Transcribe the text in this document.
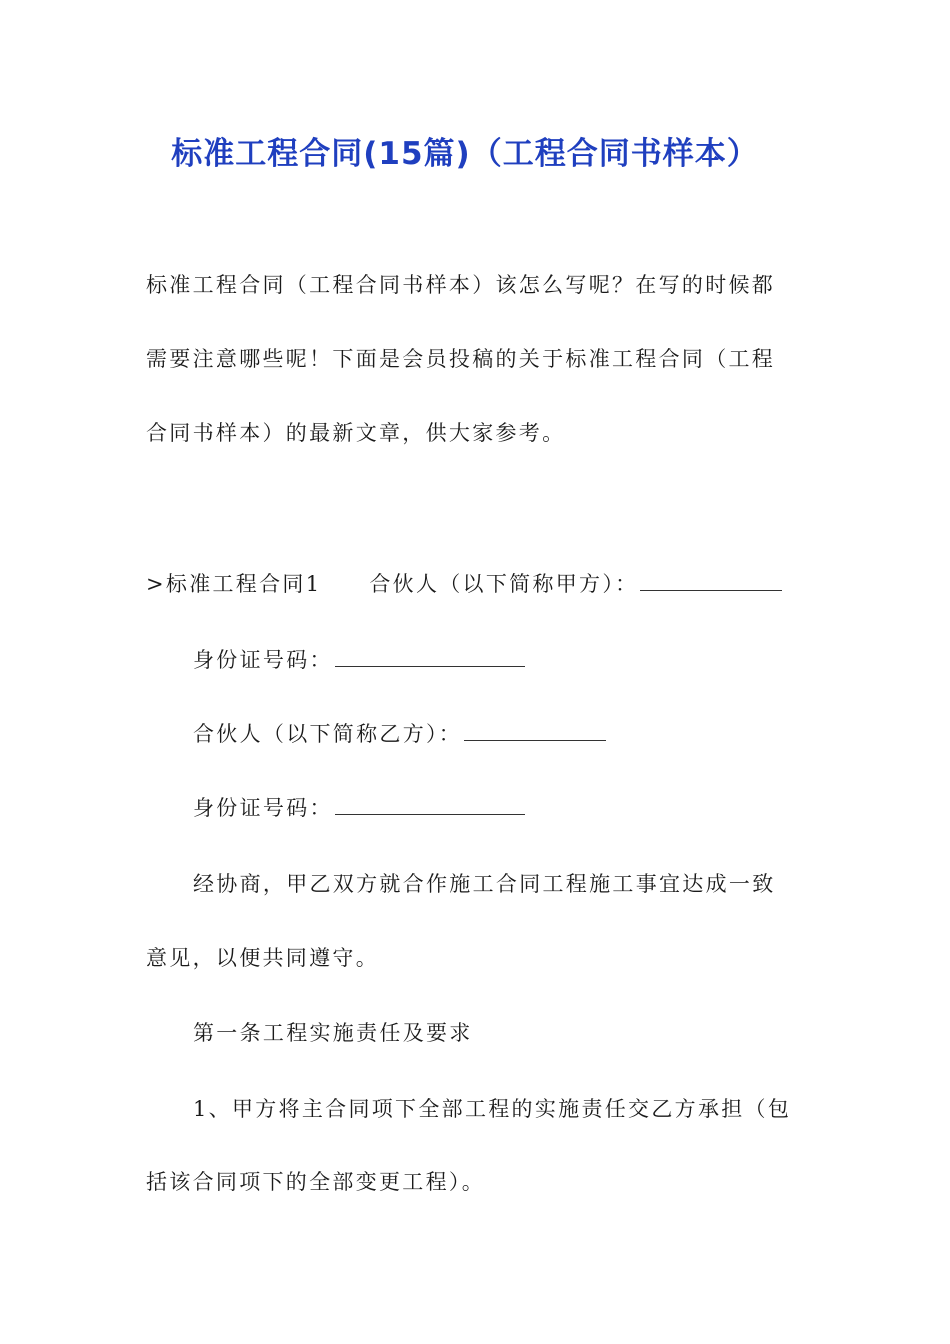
标准工程合同(15篇)（工程合同书样本）
标准工程合同（工程合同书样本）该怎么写呢？在写的时候都
需要注意哪些呢！下面是会员投稿的关于标准工程合同（工程
合同书样本）的最新文章，供大家参考。
>标准工程合同1 合伙人（以下简称甲方）：
身份证号码：
合伙人（以下简称乙方）：
身份证号码：
经协商，甲乙双方就合作施工合同工程施工事宜达成一致
意见，以便共同遵守。
第一条工程实施责任及要求
1、甲方将主合同项下全部工程的实施责任交乙方承担（包
括该合同项下的全部变更工程）。
